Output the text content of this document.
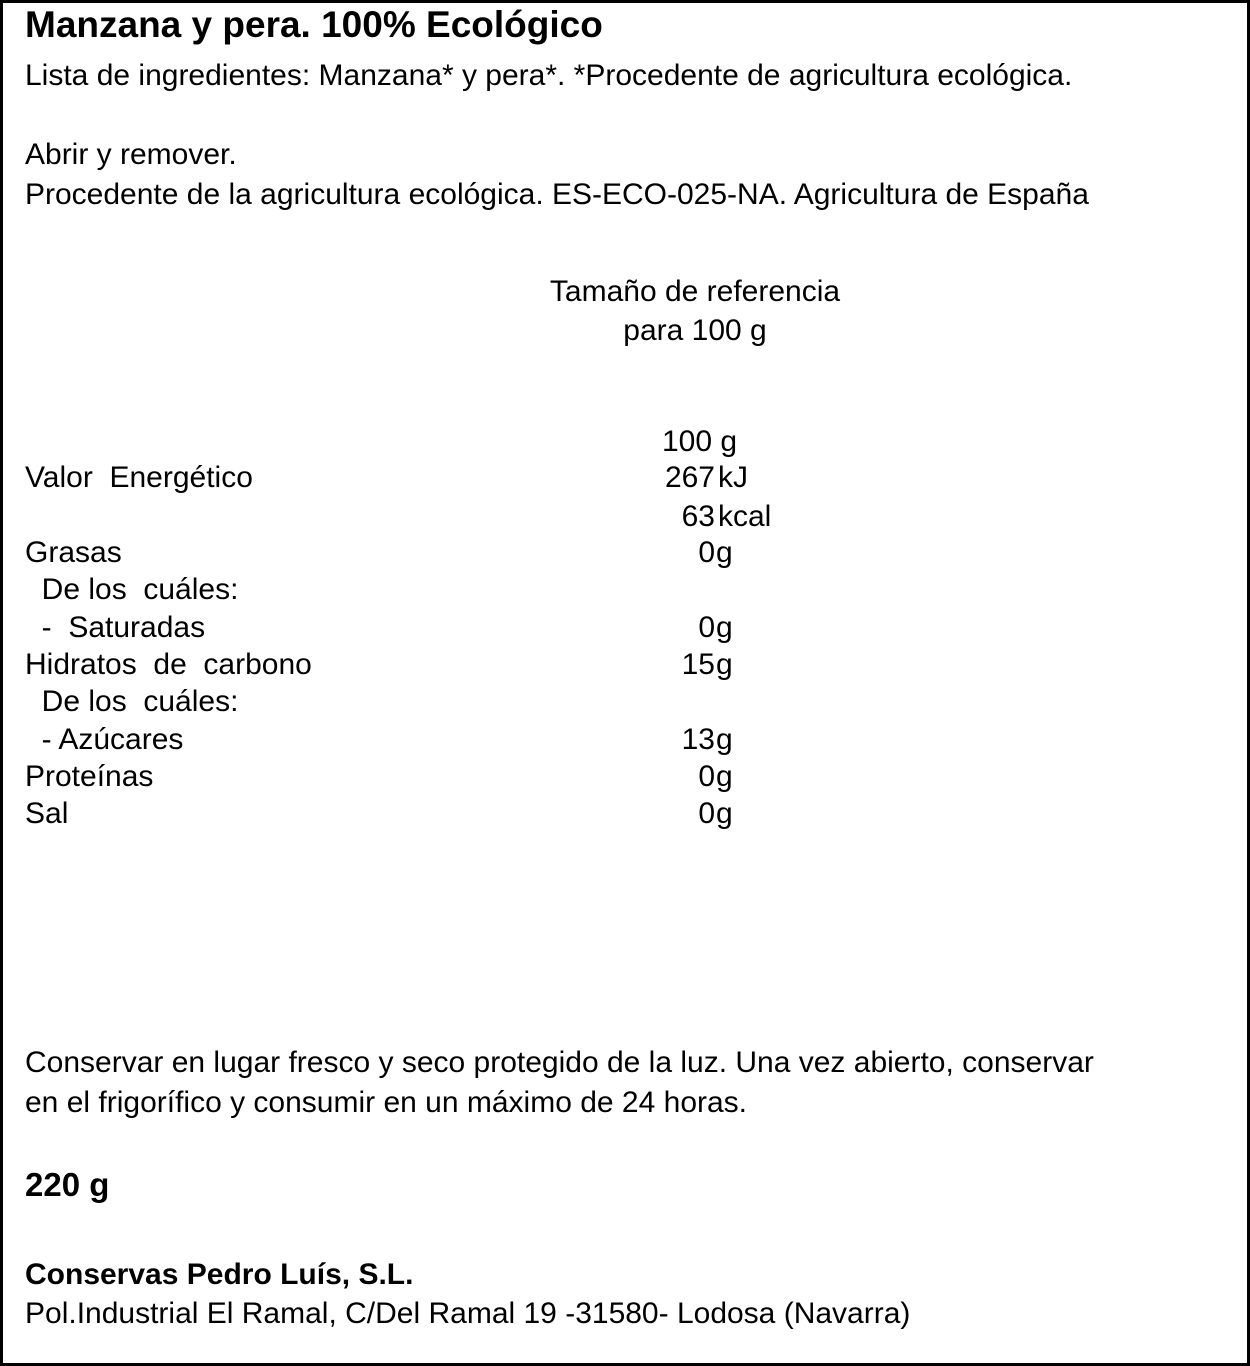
Manzana y pera. 100% Ecológico
Lista de ingredientes: Manzana* y pera*. *Procedente de agricultura ecológica.
Abrir y remover.
Procedente de la agricultura ecológica. ES-ECO-025-NA. Agricultura de España
Tamaño de referencia
para 100 g
100 g
Valor  Energético	267 kJ
63 kcal
Grasas	0 g
De los  cuáles:
-  Saturadas	0 g
Hidratos  de  carbono	15 g
De los  cuáles:
- Azúcares	13 g
Proteínas	0 g
Sal	0 g
Conservar en lugar fresco y seco protegido de la luz. Una vez abierto, conservar
en el frigorífico y consumir en un máximo de 24 horas.
220 g
Conservas Pedro Luís, S.L.
Pol.Industrial El Ramal, C/Del Ramal 19 -31580- Lodosa (Navarra)
